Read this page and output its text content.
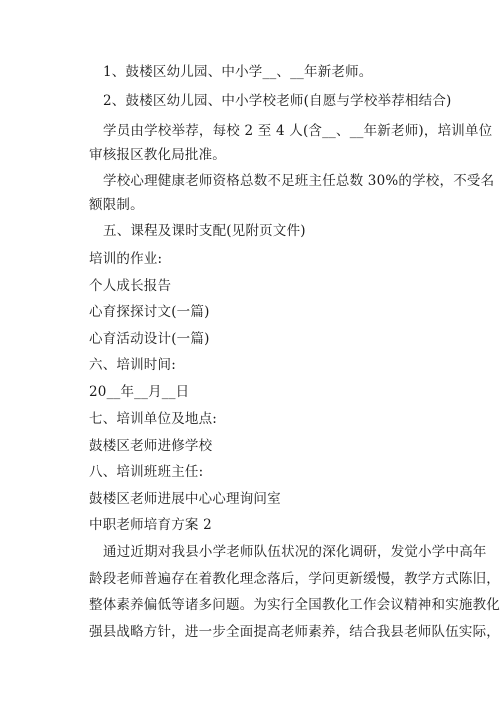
1、鼓楼区幼儿园、中小学__、__年新老师。
2、鼓楼区幼儿园、中小学校老师(自愿与学校举荐相结合)
学员由学校举荐，每校 2 至 4 人(含__、__年新老师)，培训单位
审核报区教化局批准。
学校心理健康老师资格总数不足班主任总数 30%的学校，不受名
额限制。
五、课程及课时支配(见附页文件)
培训的作业:
个人成长报告
心育探探讨文(一篇)
心育活动设计(一篇)
六、培训时间:
20__年__月__日
七、培训单位及地点:
鼓楼区老师进修学校
八、培训班班主任:
鼓楼区老师进展中心心理询问室
中职老师培育方案 2
通过近期对我县小学老师队伍状况的深化调研，发觉小学中高年
龄段老师普遍存在着教化理念落后，学问更新缓慢，教学方式陈旧，
整体素养偏低等诸多问题。为实行全国教化工作会议精神和实施教化
强县战略方针，进一步全面提高老师素养，结合我县老师队伍实际，
